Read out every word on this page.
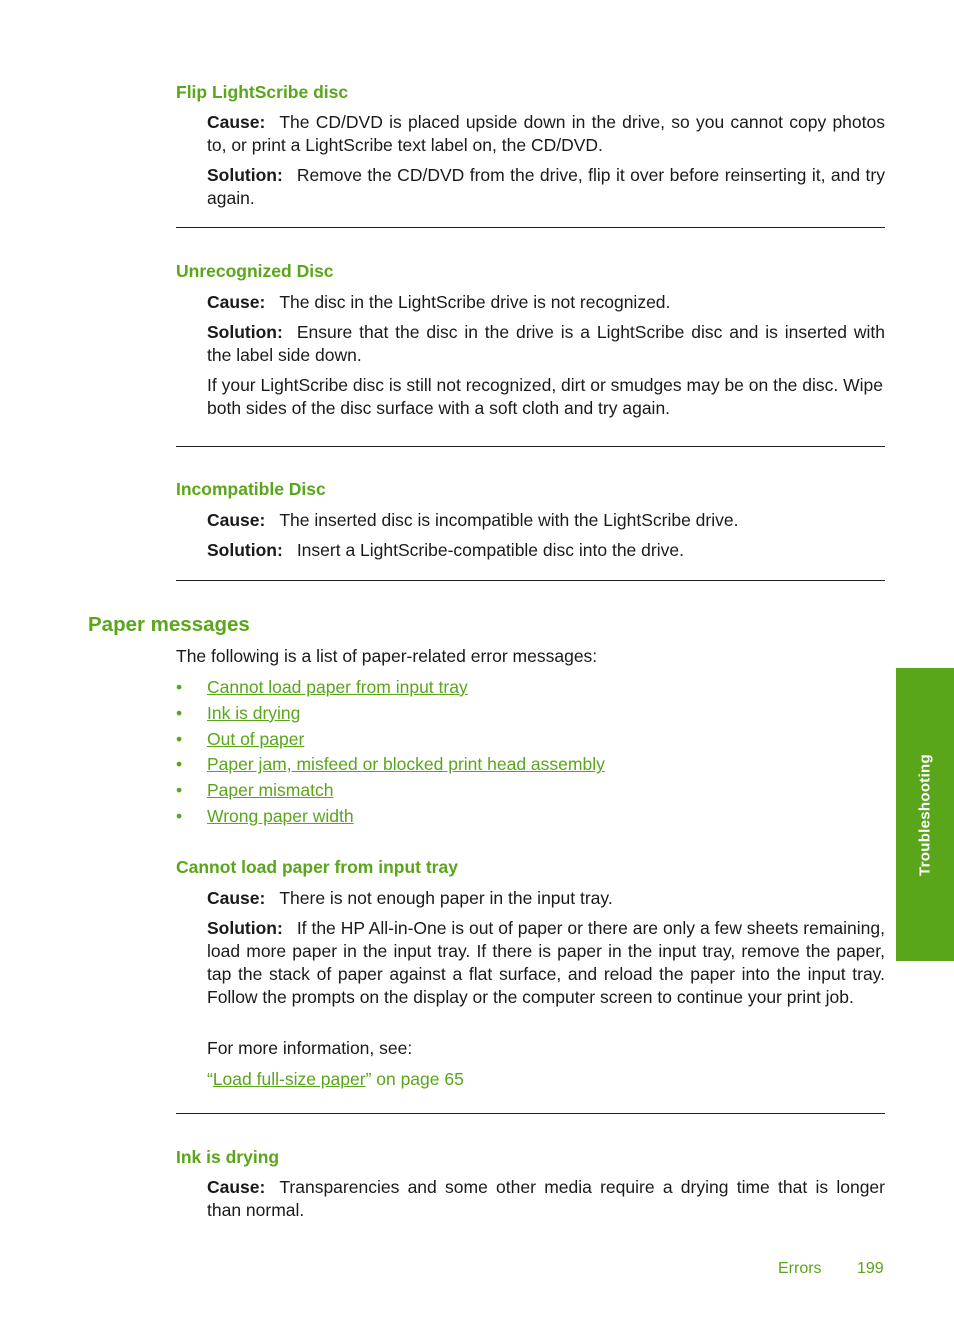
Flip LightScribe disc
Cause: The CD/DVD is placed upside down in the drive, so you cannot copy photos to, or print a LightScribe text label on, the CD/DVD.
Solution: Remove the CD/DVD from the drive, flip it over before reinserting it, and try again.
Unrecognized Disc
Cause: The disc in the LightScribe drive is not recognized.
Solution: Ensure that the disc in the drive is a LightScribe disc and is inserted with the label side down.
If your LightScribe disc is still not recognized, dirt or smudges may be on the disc. Wipe both sides of the disc surface with a soft cloth and try again.
Incompatible Disc
Cause: The inserted disc is incompatible with the LightScribe drive.
Solution: Insert a LightScribe-compatible disc into the drive.
Paper messages
The following is a list of paper-related error messages:
• Cannot load paper from input tray
• Ink is drying
• Out of paper
• Paper jam, misfeed or blocked print head assembly
• Paper mismatch
• Wrong paper width
Cannot load paper from input tray
Cause: There is not enough paper in the input tray.
Solution: If the HP All-in-One is out of paper or there are only a few sheets remaining, load more paper in the input tray. If there is paper in the input tray, remove the paper, tap the stack of paper against a flat surface, and reload the paper into the input tray. Follow the prompts on the display or the computer screen to continue your print job.
For more information, see:
“Load full-size paper” on page 65
Ink is drying
Cause: Transparencies and some other media require a drying time that is longer than normal.
Troubleshooting
Errors 199
